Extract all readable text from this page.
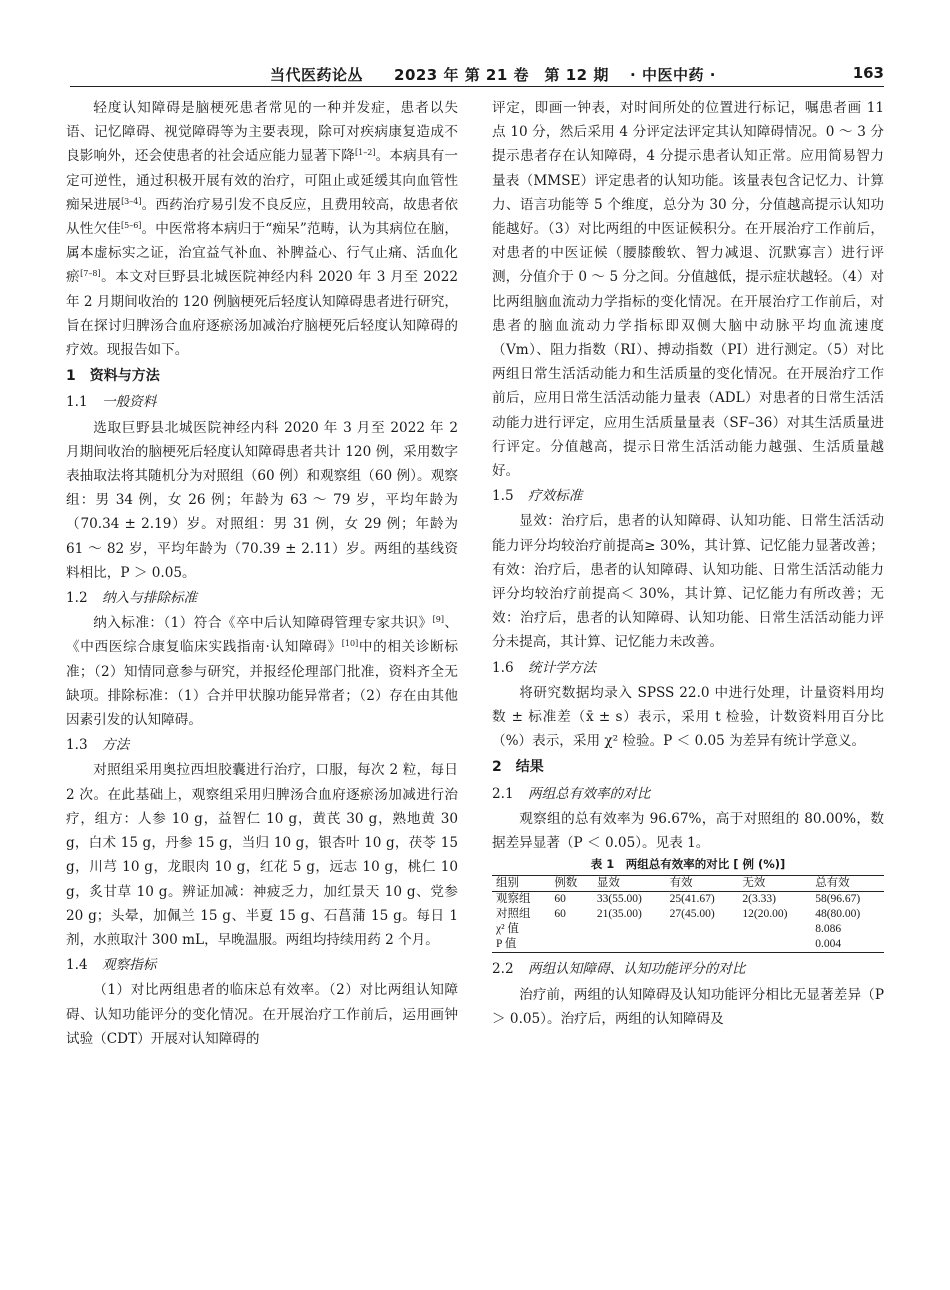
当代医药论丛　　2023 年 第 21 卷　第 12 期　 · 中医中药 ·	163

轻度认知障碍是脑梗死患者常见的一种并发症，患者以失语、记忆障碍、视觉障碍等为主要表现，除可对疾病康复造成不良影响外，还会使患者的社会适应能力显著下降[1–2]。本病具有一定可逆性，通过积极开展有效的治疗，可阻止或延缓其向血管性痴呆进展[3–4]。西药治疗易引发不良反应，且费用较高，故患者依从性欠佳[5–6]。中医常将本病归于“痴呆”范畴，认为其病位在脑，属本虚标实之证，治宜益气补血、补脾益心、行气止痛、活血化瘀[7–8]。本文对巨野县北城医院神经内科 2020 年 3 月至 2022 年 2 月期间收治的 120 例脑梗死后轻度认知障碍患者进行研究，旨在探讨归脾汤合血府逐瘀汤加减治疗脑梗死后轻度认知障碍的疗效。现报告如下。

1　资料与方法
1.1 一般资料

选取巨野县北城医院神经内科 2020 年 3 月至 2022 年 2 月期间收治的脑梗死后轻度认知障碍患者共计 120 例，采用数字表抽取法将其随机分为对照组（60 例）和观察组（60 例）。观察组：男 34 例，女 26 例；年龄为 63 ～ 79 岁，平均年龄为（70.34 ± 2.19）岁。对照组：男 31 例，女 29 例；年龄为 61 ～ 82 岁，平均年龄为（70.39 ± 2.11）岁。两组的基线资料相比，P ＞ 0.05。

1.2 纳入与排除标准

纳入标准：（1）符合《卒中后认知障碍管理专家共识》[9]、《中西医综合康复临床实践指南·认知障碍》[10]中的相关诊断标准；（2）知情同意参与研究，并报经伦理部门批准，资料齐全无缺项。排除标准：（1）合并甲状腺功能异常者；（2）存在由其他因素引发的认知障碍。

1.3 方法

对照组采用奥拉西坦胶囊进行治疗，口服，每次 2 粒，每日 2 次。在此基础上，观察组采用归脾汤合血府逐瘀汤加减进行治疗，组方：人参 10 g，益智仁 10 g，黄芪 30 g，熟地黄 30 g，白术 15 g，丹参 15 g，当归 10 g，银杏叶 10 g，茯苓 15 g，川芎 10 g，龙眼肉 10 g，红花 5 g，远志 10 g，桃仁 10 g，炙甘草 10 g。辨证加减：神疲乏力，加红景天 10 g、党参 20 g；头晕，加佩兰 15 g、半夏 15 g、石菖蒲 15 g。每日 1 剂，水煎取汁 300 mL，早晚温服。两组均持续用药 2 个月。

1.4 观察指标

（1）对比两组患者的临床总有效率。（2）对比两组认知障碍、认知功能评分的变化情况。在开展治疗工作前后，运用画钟试验（CDT）开展对认知障碍的

评定，即画一钟表，对时间所处的位置进行标记，嘱患者画 11 点 10 分，然后采用 4 分评定法评定其认知障碍情况。0 ～ 3 分提示患者存在认知障碍，4 分提示患者认知正常。应用简易智力量表（MMSE）评定患者的认知功能。该量表包含记忆力、计算力、语言功能等 5 个维度，总分为 30 分，分值越高提示认知功能越好。（3）对比两组的中医证候积分。在开展治疗工作前后，对患者的中医证候（腰膝酸软、智力减退、沉默寡言）进行评测，分值介于 0 ～ 5 分之间。分值越低，提示症状越轻。（4）对比两组脑血流动力学指标的变化情况。在开展治疗工作前后，对患者的脑血流动力学指标即双侧大脑中动脉平均血流速度（Vm）、阻力指数（RI）、搏动指数（PI）进行测定。（5）对比两组日常生活活动能力和生活质量的变化情况。在开展治疗工作前后，应用日常生活活动能力量表（ADL）对患者的日常生活活动能力进行评定，应用生活质量量表（SF–36）对其生活质量进行评定。分值越高，提示日常生活活动能力越强、生活质量越好。

1.5 疗效标准

显效：治疗后，患者的认知障碍、认知功能、日常生活活动能力评分均较治疗前提高≥ 30%，其计算、记忆能力显著改善；有效：治疗后，患者的认知障碍、认知功能、日常生活活动能力评分均较治疗前提高＜ 30%，其计算、记忆能力有所改善；无效：治疗后，患者的认知障碍、认知功能、日常生活活动能力评分未提高，其计算、记忆能力未改善。

1.6 统计学方法

将研究数据均录入 SPSS 22.0 中进行处理，计量资料用均数 ± 标准差（x̄ ± s）表示，采用 t 检验，计数资料用百分比（%）表示，采用 χ² 检验。P ＜ 0.05 为差异有统计学意义。

2　结果
2.1 两组总有效率的对比

观察组的总有效率为 96.67%，高于对照组的 80.00%，数据差异显著（P ＜ 0.05）。见表 1。

表 1　两组总有效率的对比 [ 例 (%)]
组别	例数	显效	有效	无效	总有效
观察组	60	33(55.00)	25(41.67)	2(3.33)	58(96.67)
对照组	60	21(35.00)	27(45.00)	12(20.00)	48(80.00)
χ² 值					8.086
P 值					0.004
2.2 两组认知障碍、认知功能评分的对比

治疗前，两组的认知障碍及认知功能评分相比无显著差异（P ＞ 0.05）。治疗后，两组的认知障碍及
